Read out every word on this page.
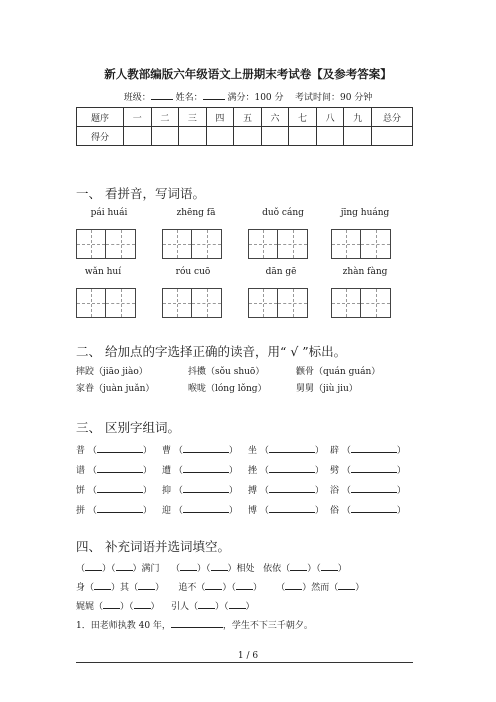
新人教部编版六年级语文上册期末考试卷【及参考答案】
班级：	姓名：	满分：100 分 考试时间：90 分钟
题序	一	二	三	四	五	六	七	八	九	总分
得分										
一、 看拼音，写词语。
pái huái	zhēng fā	duǒ cáng	jīng huáng
wǎn huí	róu cuō	dān gē	zhàn fàng
二、 给加点的字选择正确的读音，用“ √ ”标出。
摔跤（jiāo jiào）	抖擞（sǒu shuō）	颧骨（quán guán）
家眷（juàn juǎn）	喉咙（lóng lǒng）	舅舅（jiù jiu）
三、 区别字组词。
普 （	） 曹 （	） 坐 （	） 辟 （	）
谱 （	） 遭 （	） 挫 （	） 劈 （	）
饼 （	） 抑 （	） 搏 （	） 浴 （	）
拼 （	） 迎 （	） 博 （	） 俗 （	）
四、 补充词语并选词填空。
（ ）（ ）满门    （ ）（ ）相处 依依（ ）（ ）
身（ ）其（ ）     追不（ ）（ ）     （ ）然而（ ）
娓娓（ ）（ ）    引人（ ）（ ）
1．田老师执教 40 年，	，学生不下三千朝夕。
1 / 6
